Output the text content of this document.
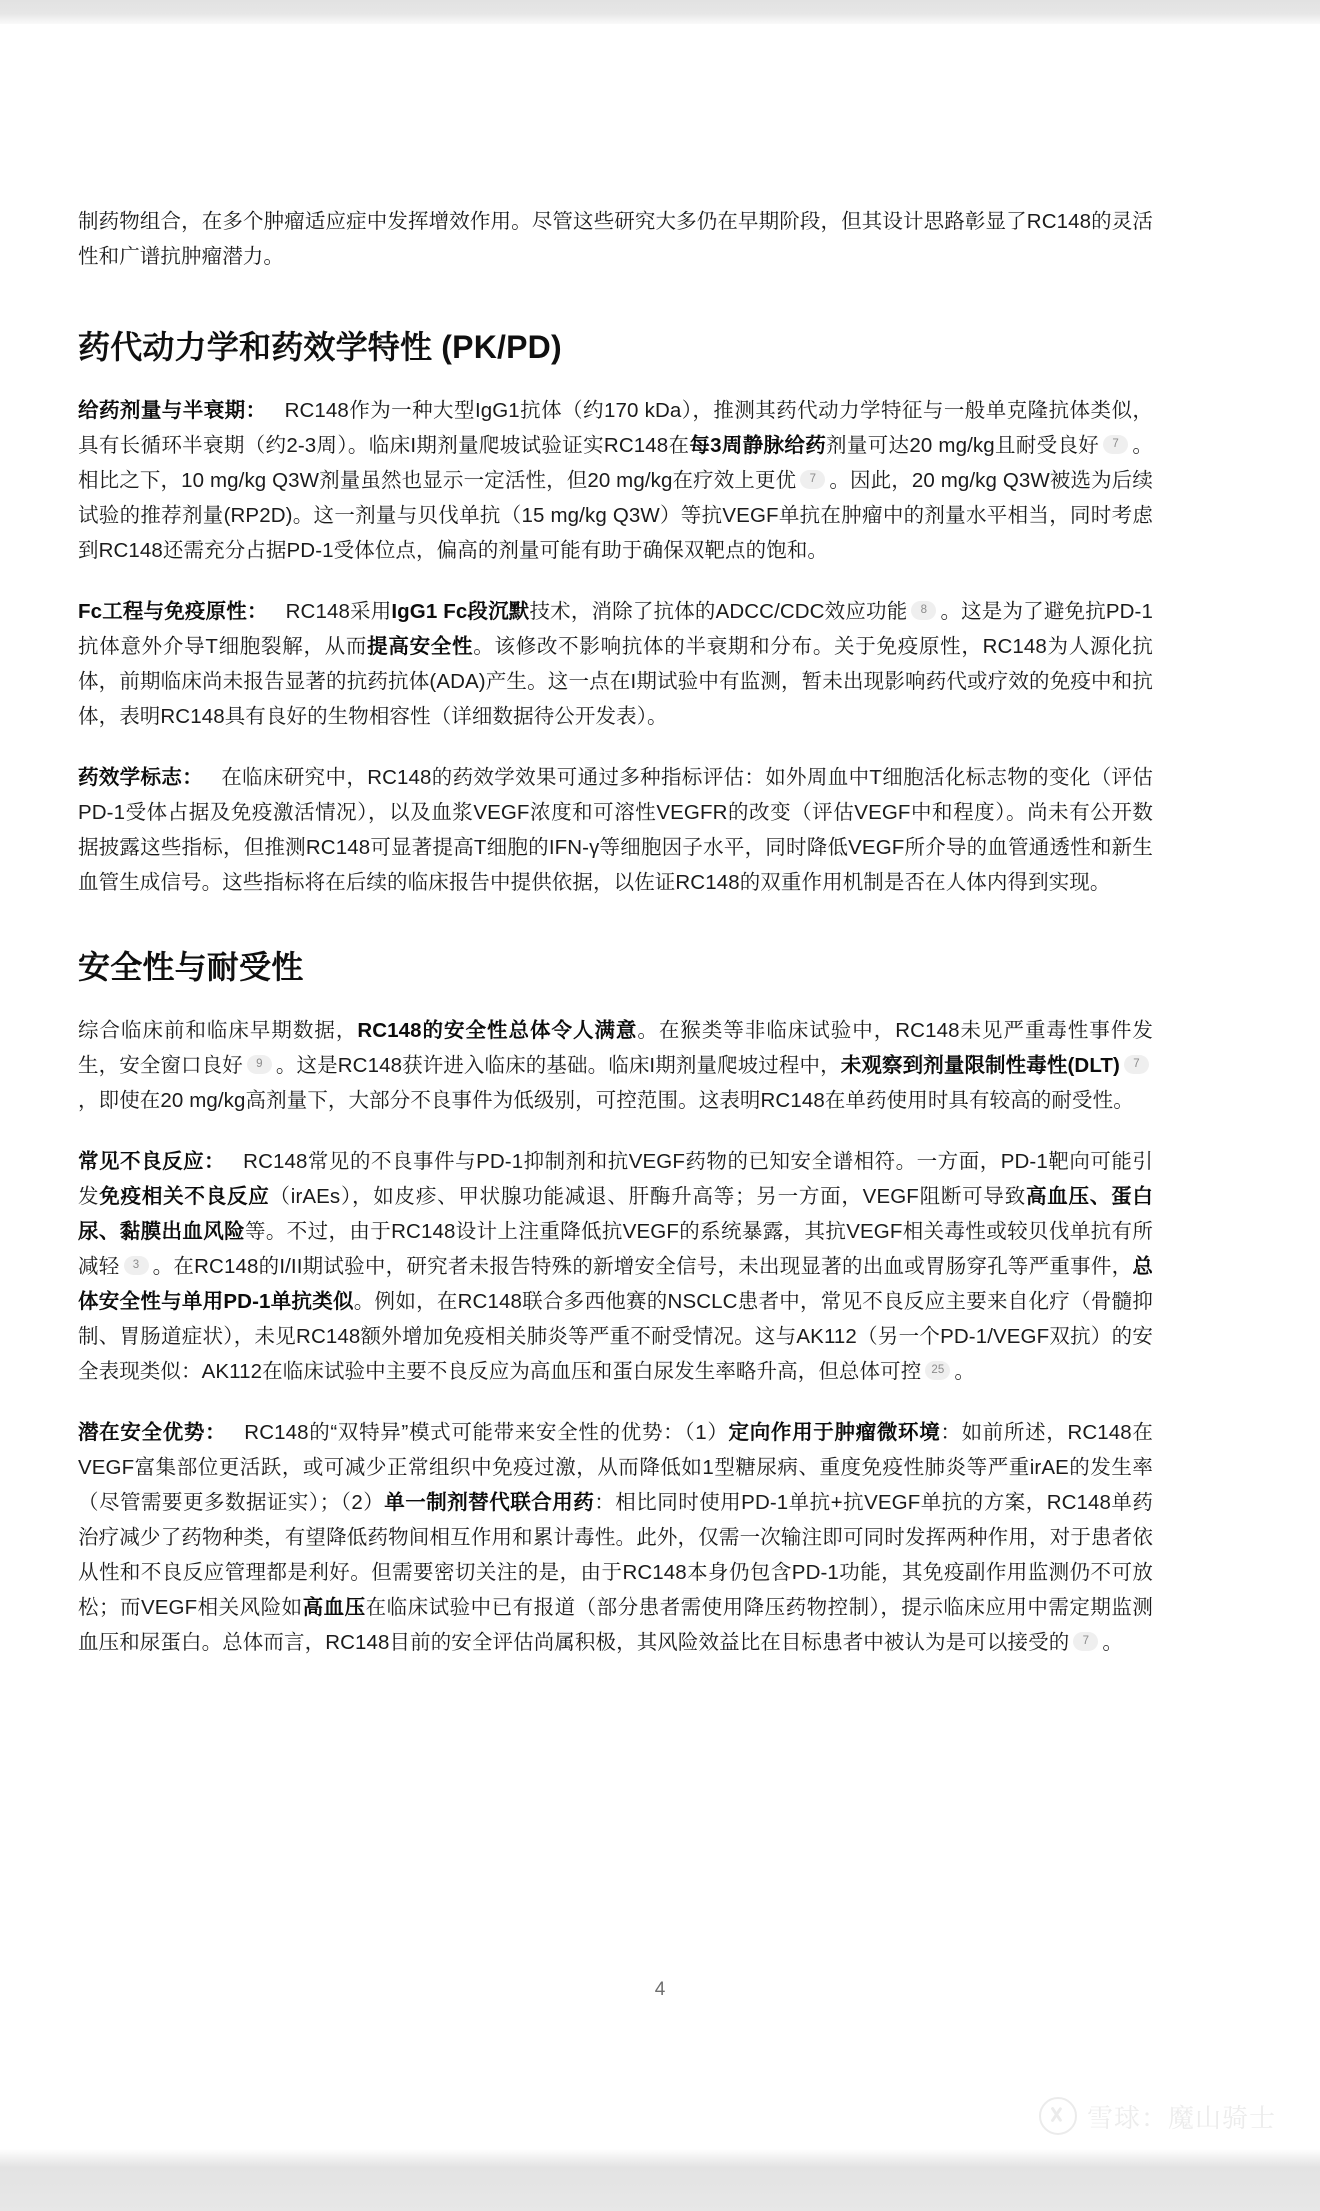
制药物组合，在多个肿瘤适应症中发挥增效作用。尽管这些研究大多仍在早期阶段，但其设计思路彰显了RC148的灵活性和广谱抗肿瘤潜力。

药代动力学和药效学特性 (PK/PD)

给药剂量与半衰期： RC148作为一种大型IgG1抗体（约170 kDa），推测其药代动力学特征与一般单克隆抗体类似，具有长循环半衰期（约2-3周）。临床I期剂量爬坡试验证实RC148在每3周静脉给药剂量可达20 mg/kg且耐受良好 7 。相比之下，10 mg/kg Q3W剂量虽然也显示一定活性，但20 mg/kg在疗效上更优 7 。因此，20 mg/kg Q3W被选为后续试验的推荐剂量(RP2D)。这一剂量与贝伐单抗（15 mg/kg Q3W）等抗VEGF单抗在肿瘤中的剂量水平相当，同时考虑到RC148还需充分占据PD-1受体位点，偏高的剂量可能有助于确保双靶点的饱和。

Fc工程与免疫原性： RC148采用IgG1 Fc段沉默技术，消除了抗体的ADCC/CDC效应功能 8 。这是为了避免抗PD-1抗体意外介导T细胞裂解，从而提高安全性。该修改不影响抗体的半衰期和分布。关于免疫原性，RC148为人源化抗体，前期临床尚未报告显著的抗药抗体(ADA)产生。这一点在I期试验中有监测，暂未出现影响药代或疗效的免疫中和抗体，表明RC148具有良好的生物相容性（详细数据待公开发表）。

药效学标志： 在临床研究中，RC148的药效学效果可通过多种指标评估：如外周血中T细胞活化标志物的变化（评估PD-1受体占据及免疫激活情况），以及血浆VEGF浓度和可溶性VEGFR的改变（评估VEGF中和程度）。尚未有公开数据披露这些指标，但推测RC148可显著提高T细胞的IFN-γ等细胞因子水平，同时降低VEGF所介导的血管通透性和新生血管生成信号。这些指标将在后续的临床报告中提供依据，以佐证RC148的双重作用机制是否在人体内得到实现。

安全性与耐受性

综合临床前和临床早期数据，RC148的安全性总体令人满意。在猴类等非临床试验中，RC148未见严重毒性事件发生，安全窗口良好 9 。这是RC148获许进入临床的基础。临床I期剂量爬坡过程中，未观察到剂量限制性毒性(DLT) 7，即使在20 mg/kg高剂量下，大部分不良事件为低级别，可控范围。这表明RC148在单药使用时具有较高的耐受性。

常见不良反应： RC148常见的不良事件与PD-1抑制剂和抗VEGF药物的已知安全谱相符。一方面，PD-1靶向可能引发免疫相关不良反应（irAEs），如皮疹、甲状腺功能减退、肝酶升高等；另一方面，VEGF阻断可导致高血压、蛋白尿、黏膜出血风险等。不过，由于RC148设计上注重降低抗VEGF的系统暴露，其抗VEGF相关毒性或较贝伐单抗有所减轻 3 。在RC148的I/II期试验中，研究者未报告特殊的新增安全信号，未出现显著的出血或胃肠穿孔等严重事件，总体安全性与单用PD-1单抗类似。例如，在RC148联合多西他赛的NSCLC患者中，常见不良反应主要来自化疗（骨髓抑制、胃肠道症状），未见RC148额外增加免疫相关肺炎等严重不耐受情况。这与AK112（另一个PD-1/VEGF双抗）的安全表现类似：AK112在临床试验中主要不良反应为高血压和蛋白尿发生率略升高，但总体可控 25 。

潜在安全优势： RC148的“双特异”模式可能带来安全性的优势：（1）定向作用于肿瘤微环境：如前所述，RC148在VEGF富集部位更活跃，或可减少正常组织中免疫过激，从而降低如1型糖尿病、重度免疫性肺炎等严重irAE的发生率（尽管需要更多数据证实）；（2）单一制剂替代联合用药：相比同时使用PD-1单抗+抗VEGF单抗的方案，RC148单药治疗减少了药物种类，有望降低药物间相互作用和累计毒性。此外，仅需一次输注即可同时发挥两种作用，对于患者依从性和不良反应管理都是利好。但需要密切关注的是，由于RC148本身仍包含PD-1功能，其免疫副作用监测仍不可放松；而VEGF相关风险如高血压在临床试验中已有报道（部分患者需使用降压药物控制），提示临床应用中需定期监测血压和尿蛋白。总体而言，RC148目前的安全评估尚属积极，其风险效益比在目标患者中被认为是可以接受的 7 。

4
雪球：魔山骑士
